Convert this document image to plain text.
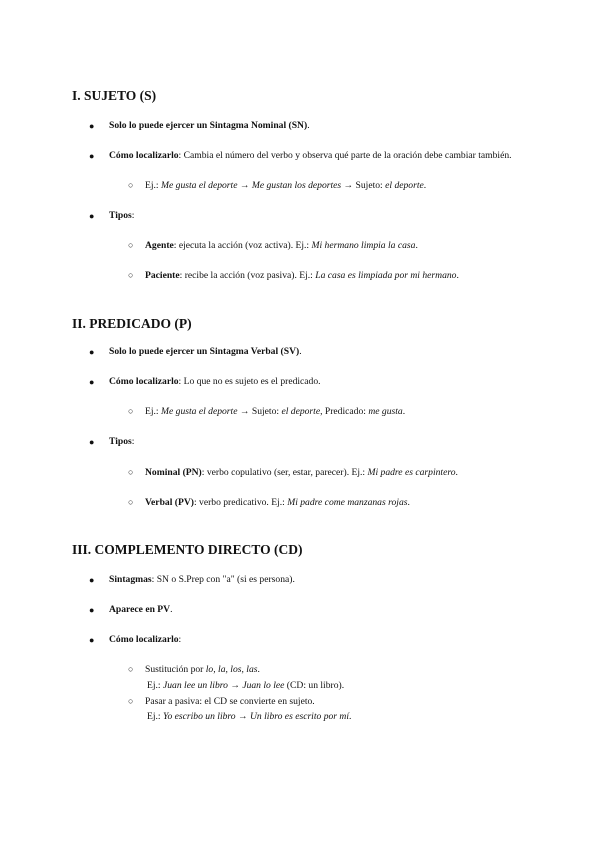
I. SUJETO (S)
● Solo lo puede ejercer un Sintagma Nominal (SN).
● Cómo localizarlo: Cambia el número del verbo y observa qué parte de la oración debe cambiar también.
○ Ej.: Me gusta el deporte → Me gustan los deportes → Sujeto: el deporte.
● Tipos:
○ Agente: ejecuta la acción (voz activa). Ej.: Mi hermano limpia la casa.
○ Paciente: recibe la acción (voz pasiva). Ej.: La casa es limpiada por mi hermano.
II. PREDICADO (P)
● Solo lo puede ejercer un Sintagma Verbal (SV).
● Cómo localizarlo: Lo que no es sujeto es el predicado.
○ Ej.: Me gusta el deporte → Sujeto: el deporte, Predicado: me gusta.
● Tipos:
○ Nominal (PN): verbo copulativo (ser, estar, parecer). Ej.: Mi padre es carpintero.
○ Verbal (PV): verbo predicativo. Ej.: Mi padre come manzanas rojas.
III. COMPLEMENTO DIRECTO (CD)
● Sintagmas: SN o S.Prep con "a" (si es persona).
● Aparece en PV.
● Cómo localizarlo:
○ Sustitución por lo, la, los, las.
Ej.: Juan lee un libro → Juan lo lee (CD: un libro).
○ Pasar a pasiva: el CD se convierte en sujeto.
Ej.: Yo escribo un libro → Un libro es escrito por mí.
